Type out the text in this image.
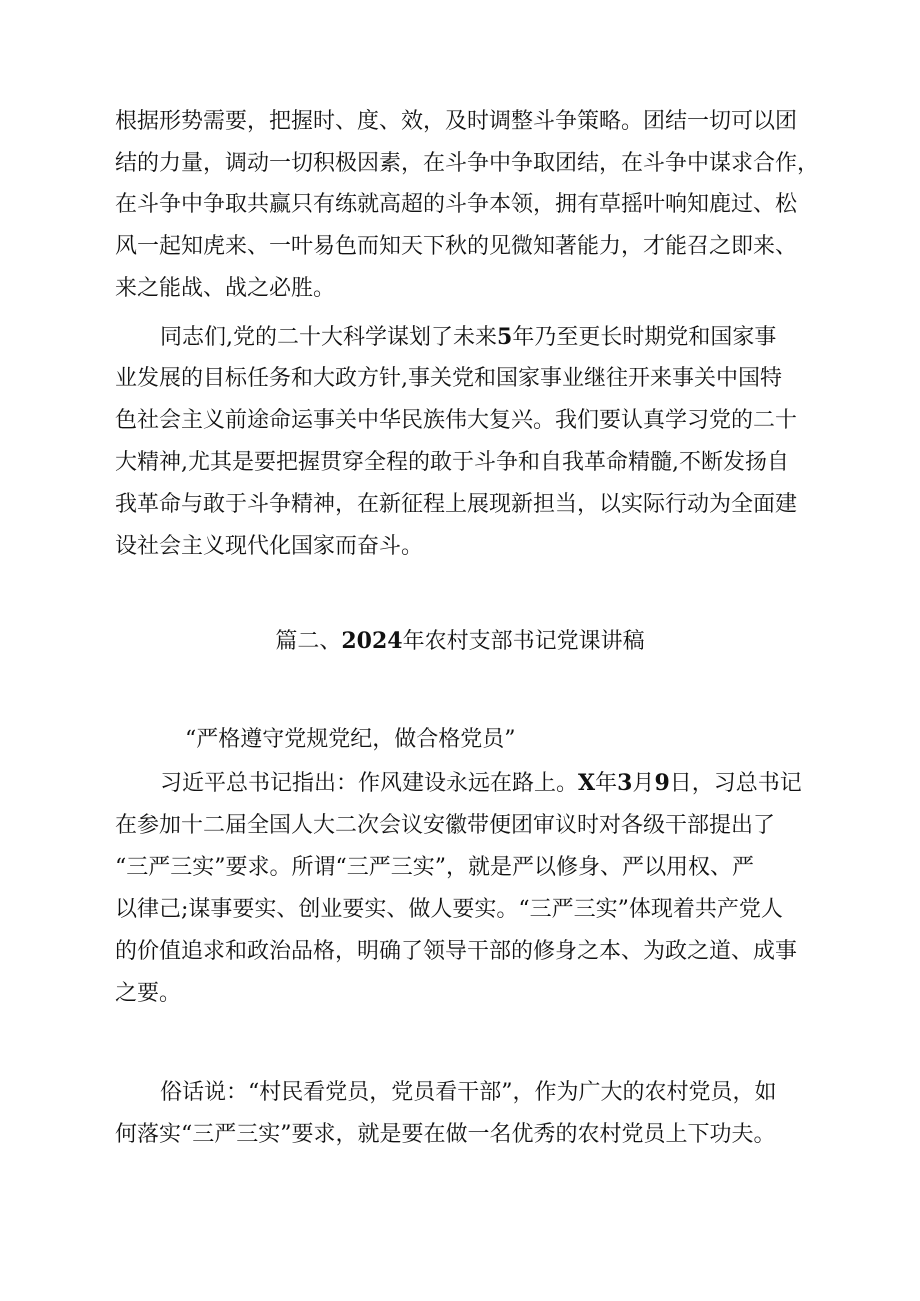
根据形势需要，把握时、度、效，及时调整斗争策略。团结一切可以团
结的力量，调动一切积极因素，在斗争中争取团结，在斗争中谋求合作，
在斗争中争取共赢只有练就高超的斗争本领，拥有草摇叶响知鹿过、松
风一起知虎来、一叶易色而知天下秋的见微知著能力，才能召之即来、
来之能战、战之必胜。
同志们,党的二十大科学谋划了未来5年乃至更长时期党和国家事
业发展的目标任务和大政方针,事关党和国家事业继往开来事关中国特
色社会主义前途命运事关中华民族伟大复兴。我们要认真学习党的二十
大精神,尤其是要把握贯穿全程的敢于斗争和自我革命精髓,不断发扬自
我革命与敢于斗争精神，在新征程上展现新担当，以实际行动为全面建
设社会主义现代化国家而奋斗。
篇二、2024年农村支部书记党课讲稿
“严格遵守党规党纪，做合格党员”
习近平总书记指出：作风建设永远在路上。X年3月9日，习总书记
在参加十二届全国人大二次会议安徽带便团审议时对各级干部提出了
“三严三实”要求。所谓“三严三实”，就是严以修身、严以用权、严
以律己;谋事要实、创业要实、做人要实。“三严三实”体现着共产党人
的价值追求和政治品格，明确了领导干部的修身之本、为政之道、成事
之要。
俗话说：“村民看党员，党员看干部”，作为广大的农村党员，如
何落实“三严三实”要求，就是要在做一名优秀的农村党员上下功夫。
